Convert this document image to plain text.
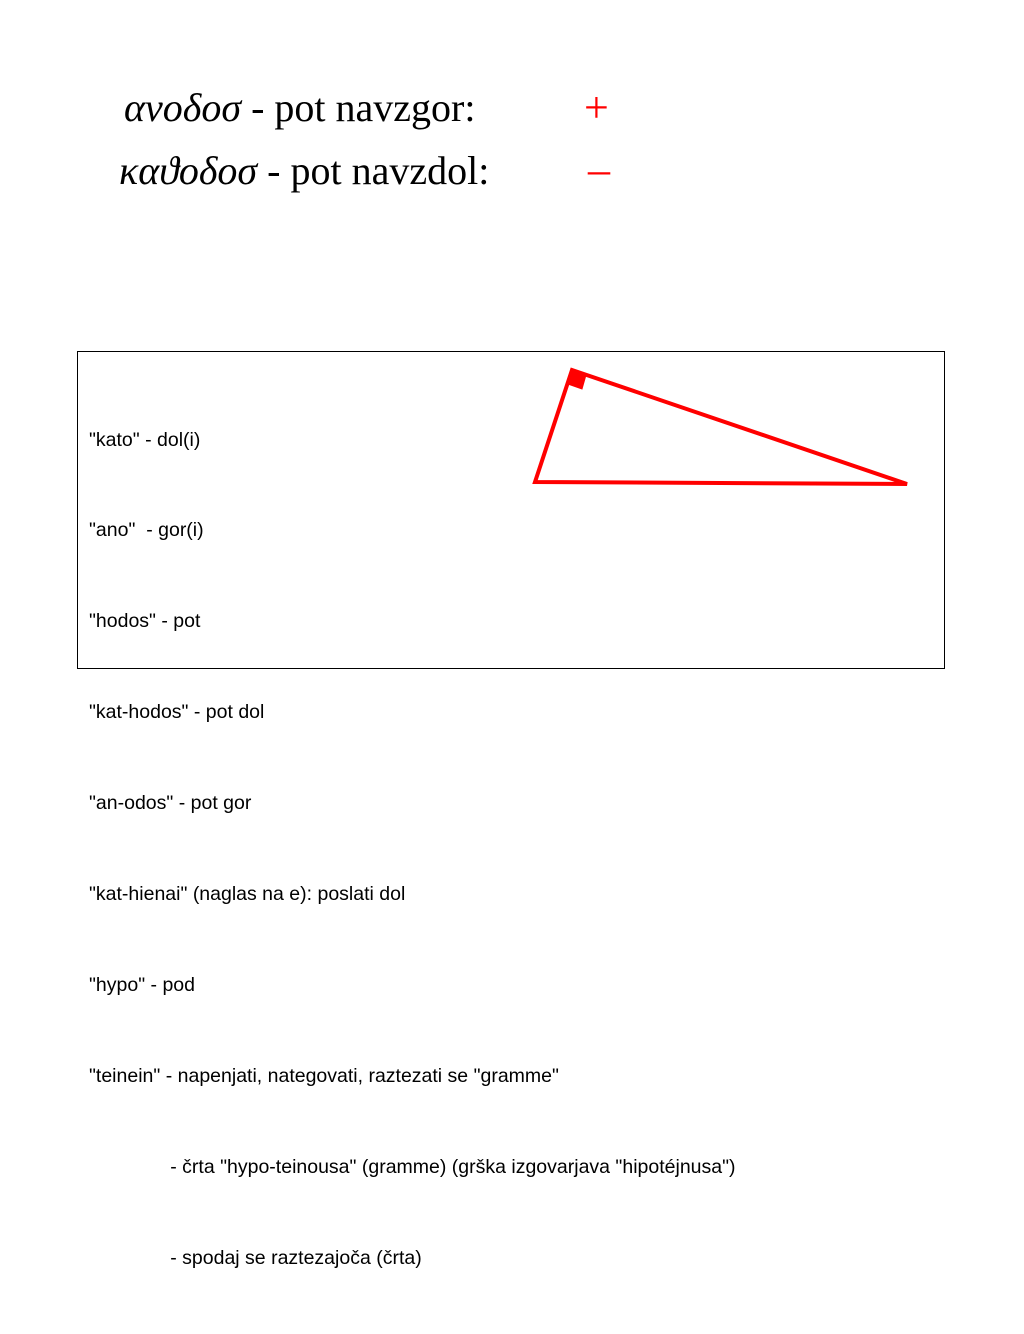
ανοδοσ - pot navzgor: +
καϑοδοσ - pot navzdol: –

"kato" - dol(i)

"ano"  - gor(i)

"hodos" - pot

"kat-hodos" - pot dol

"an-odos" - pot gor

"kat-hienai" (naglas na e): poslati dol

"hypo" - pod

"teinein" - napenjati, nategovati, raztezati se "gramme"

- črta "hypo-teinousa" (gramme) (grška izgovarjava "hipotéjnusa")

- spodaj se raztezajoča (črta)
